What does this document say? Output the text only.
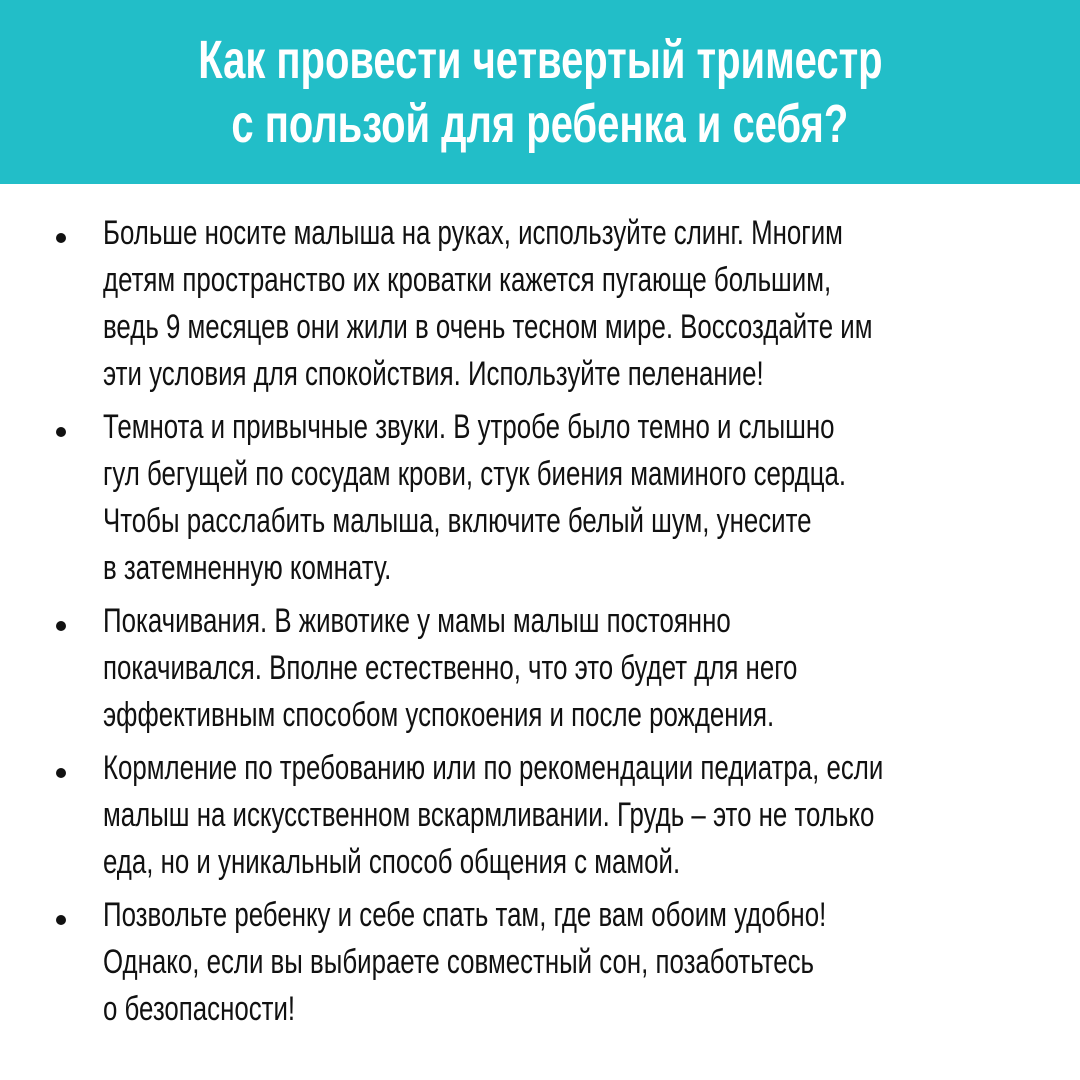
Как провести четвертый триместр
с пользой для ребенка и себя?
Больше носите малыша на руках, используйте слинг. Многим
детям пространство их кроватки кажется пугающе большим,
ведь 9 месяцев они жили в очень тесном мире. Воссоздайте им
эти условия для спокойствия. Используйте пеленание!
Темнота и привычные звуки. В утробе было темно и слышно
гул бегущей по сосудам крови, стук биения маминого сердца.
Чтобы расслабить малыша, включите белый шум, унесите
в затемненную комнату.
Покачивания. В животике у мамы малыш постоянно
покачивался. Вполне естественно, что это будет для него
эффективным способом успокоения и после рождения.
Кормление по требованию или по рекомендации педиатра, если
малыш на искусственном вскармливании. Грудь – это не только
еда, но и уникальный способ общения с мамой.
Позвольте ребенку и себе спать там, где вам обоим удобно!
Однако, если вы выбираете совместный сон, позаботьтесь
о безопасности!
